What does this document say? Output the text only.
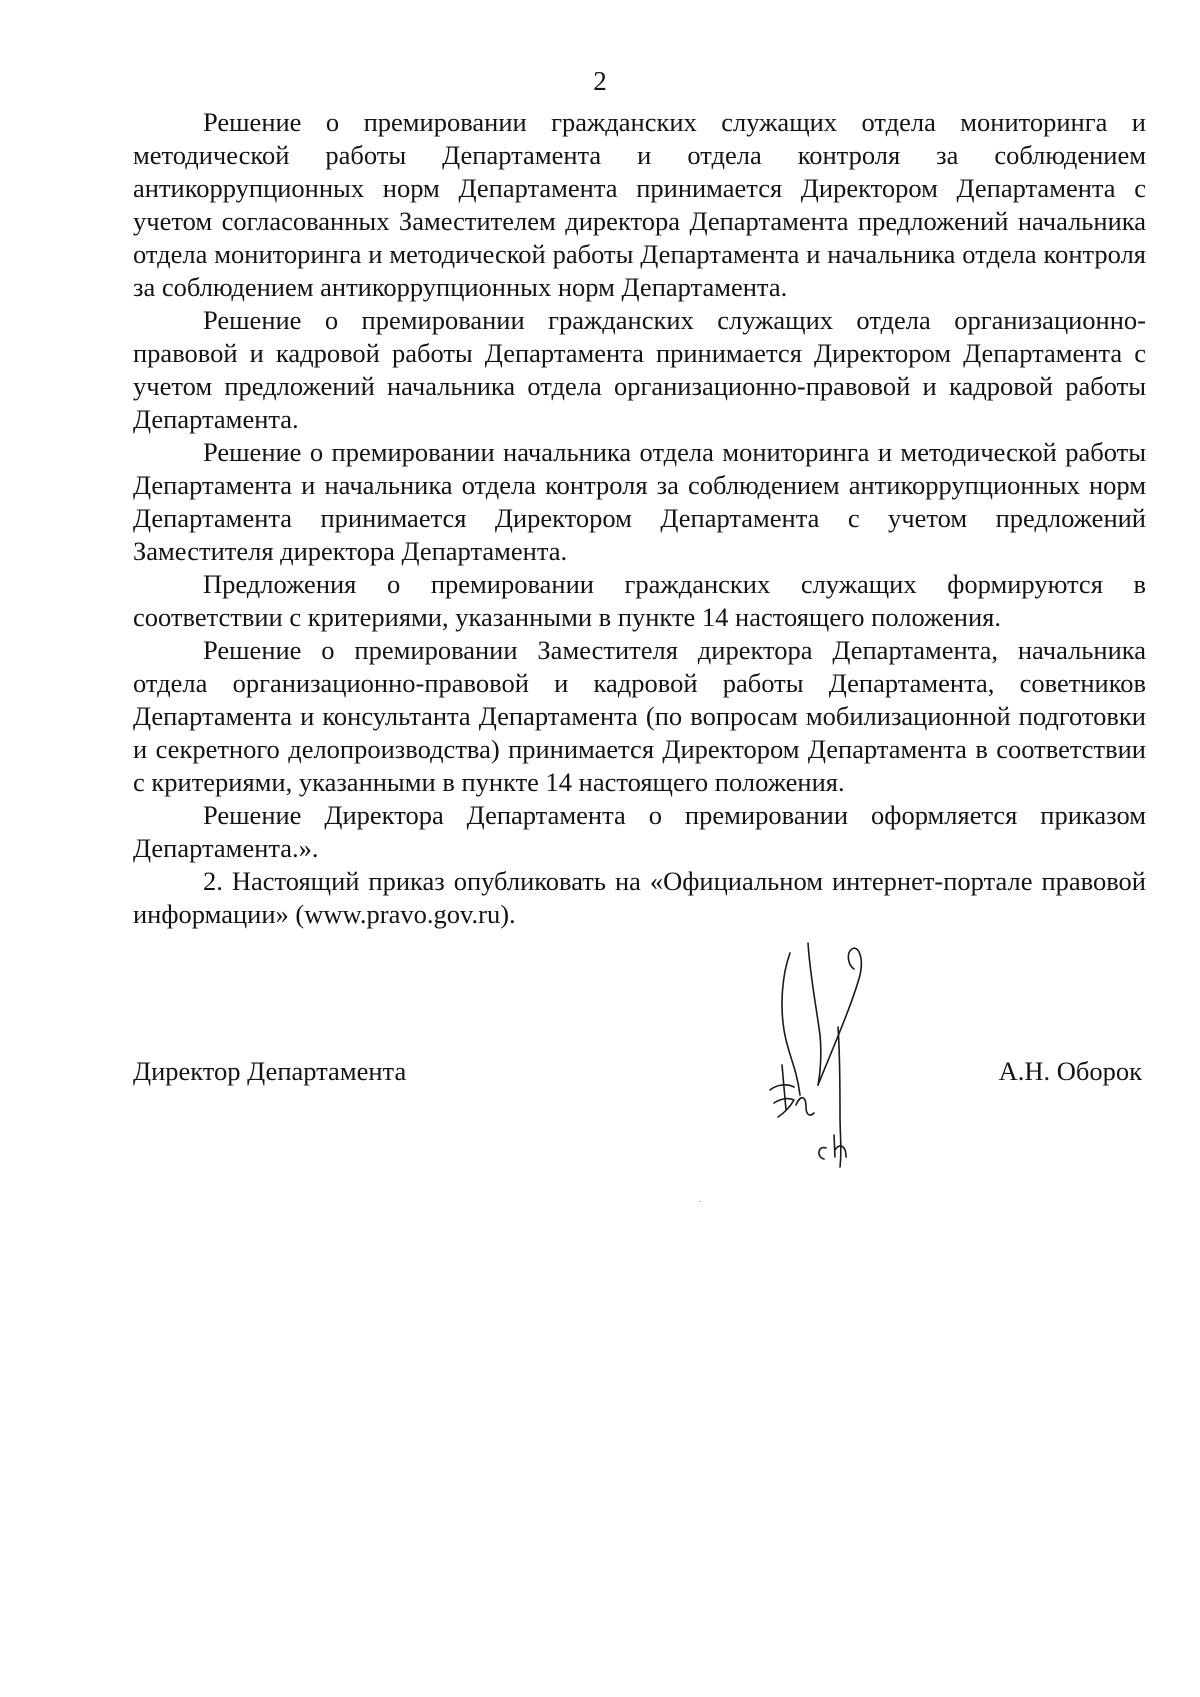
2

Решение о премировании гражданских служащих отдела мониторинга и методической работы Департамента и отдела контроля за соблюдением антикоррупционных норм Департамента принимается Директором Департамента с учетом согласованных Заместителем директора Департамента предложений начальника отдела мониторинга и методической работы Департамента и начальника отдела контроля за соблюдением антикоррупционных норм Департамента.

Решение о премировании гражданских служащих отдела организационно-правовой и кадровой работы Департамента принимается Директором Департамента с учетом предложений начальника отдела организационно-правовой и кадровой работы Департамента.

Решение о премировании начальника отдела мониторинга и методической работы Департамента и начальника отдела контроля за соблюдением антикоррупционных норм Департамента принимается Директором Департамента с учетом предложений Заместителя директора Департамента.

Предложения о премировании гражданских служащих формируются в соответствии с критериями, указанными в пункте 14 настоящего положения.

Решение о премировании Заместителя директора Департамента, начальника отдела организационно-правовой и кадровой работы Департамента, советников Департамента и консультанта Департамента (по вопросам мобилизационной подготовки и секретного делопроизводства) принимается Директором Департамента в соответствии с критериями, указанными в пункте 14 настоящего положения.

Решение Директора Департамента о премировании оформляется приказом Департамента.».

2. Настоящий приказ опубликовать на «Официальном интернет-портале правовой информации» (www.pravo.gov.ru).

Директор Департамента	А.Н. Оборок
